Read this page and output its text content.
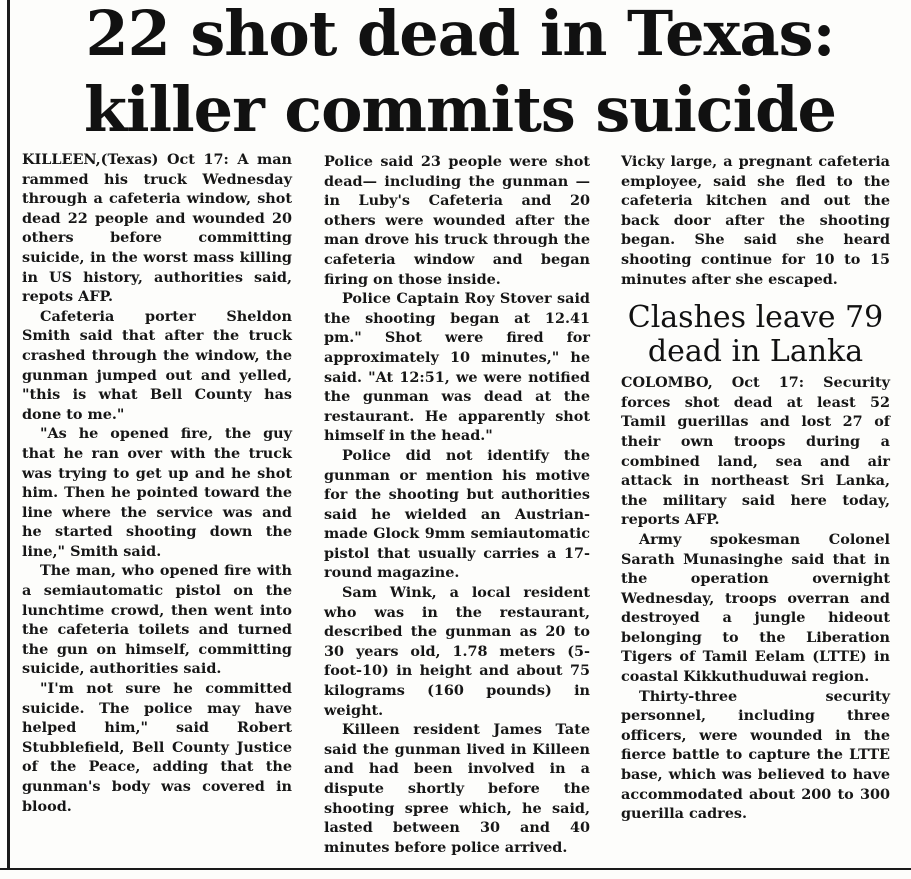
22 shot dead in Texas:
killer commits suicide

KILLEEN,(Texas) Oct 17: A man rammed his truck Wednesday through a cafeteria window, shot dead 22 people and wounded 20 others before committing suicide, in the worst mass killing in US history, authorities said, repots AFP.

Cafeteria porter Sheldon Smith said that after the truck crashed through the window, the gunman jumped out and yelled, "this is what Bell County has done to me."

"As he opened fire, the guy that he ran over with the truck was trying to get up and he shot him. Then he pointed toward the line where the service was and he started shooting down the line," Smith said.

The man, who opened fire with a semiautomatic pistol on the lunchtime crowd, then went into the cafeteria toilets and turned the gun on himself, committing suicide, authorities said.

"I'm not sure he committed suicide. The police may have helped him," said Robert Stubblefield, Bell County Justice of the Peace, adding that the gunman's body was covered in blood.

Police said 23 people were shot dead— including the gunman — in Luby's Cafeteria and 20 others were wounded after the man drove his truck through the cafeteria window and began firing on those inside.

Police Captain Roy Stover said the shooting began at 12.41 pm." Shot were fired for approximately 10 minutes," he said. "At 12:51, we were notified the gunman was dead at the restaurant. He apparently shot himself in the head."

Police did not identify the gunman or mention his motive for the shooting but authorities said he wielded an Austrian-made Glock 9mm semiautomatic pistol that usually carries a 17-round magazine.

Sam Wink, a local resident who was in the restaurant, described the gunman as 20 to 30 years old, 1.78 meters (5-foot-10) in height and about 75 kilograms (160 pounds) in weight.

Killeen resident James Tate said the gunman lived in Killeen and had been involved in a dispute shortly before the shooting spree which, he said, lasted between 30 and 40 minutes before police arrived.

Vicky large, a pregnant cafeteria employee, said she fled to the cafeteria kitchen and out the back door after the shooting began. She said she heard shooting continue for 10 to 15 minutes after she escaped.

Clashes leave 79 dead in Lanka

COLOMBO, Oct 17: Security forces shot dead at least 52 Tamil guerillas and lost 27 of their own troops during a combined land, sea and air attack in northeast Sri Lanka, the military said here today, reports AFP.

Army spokesman Colonel Sarath Munasinghe said that in the operation overnight Wednesday, troops overran and destroyed a jungle hideout belonging to the Liberation Tigers of Tamil Eelam (LTTE) in coastal Kikkuthuduwai region.

Thirty-three security personnel, including three officers, were wounded in the fierce battle to capture the LTTE base, which was believed to have accommodated about 200 to 300 guerilla cadres.
